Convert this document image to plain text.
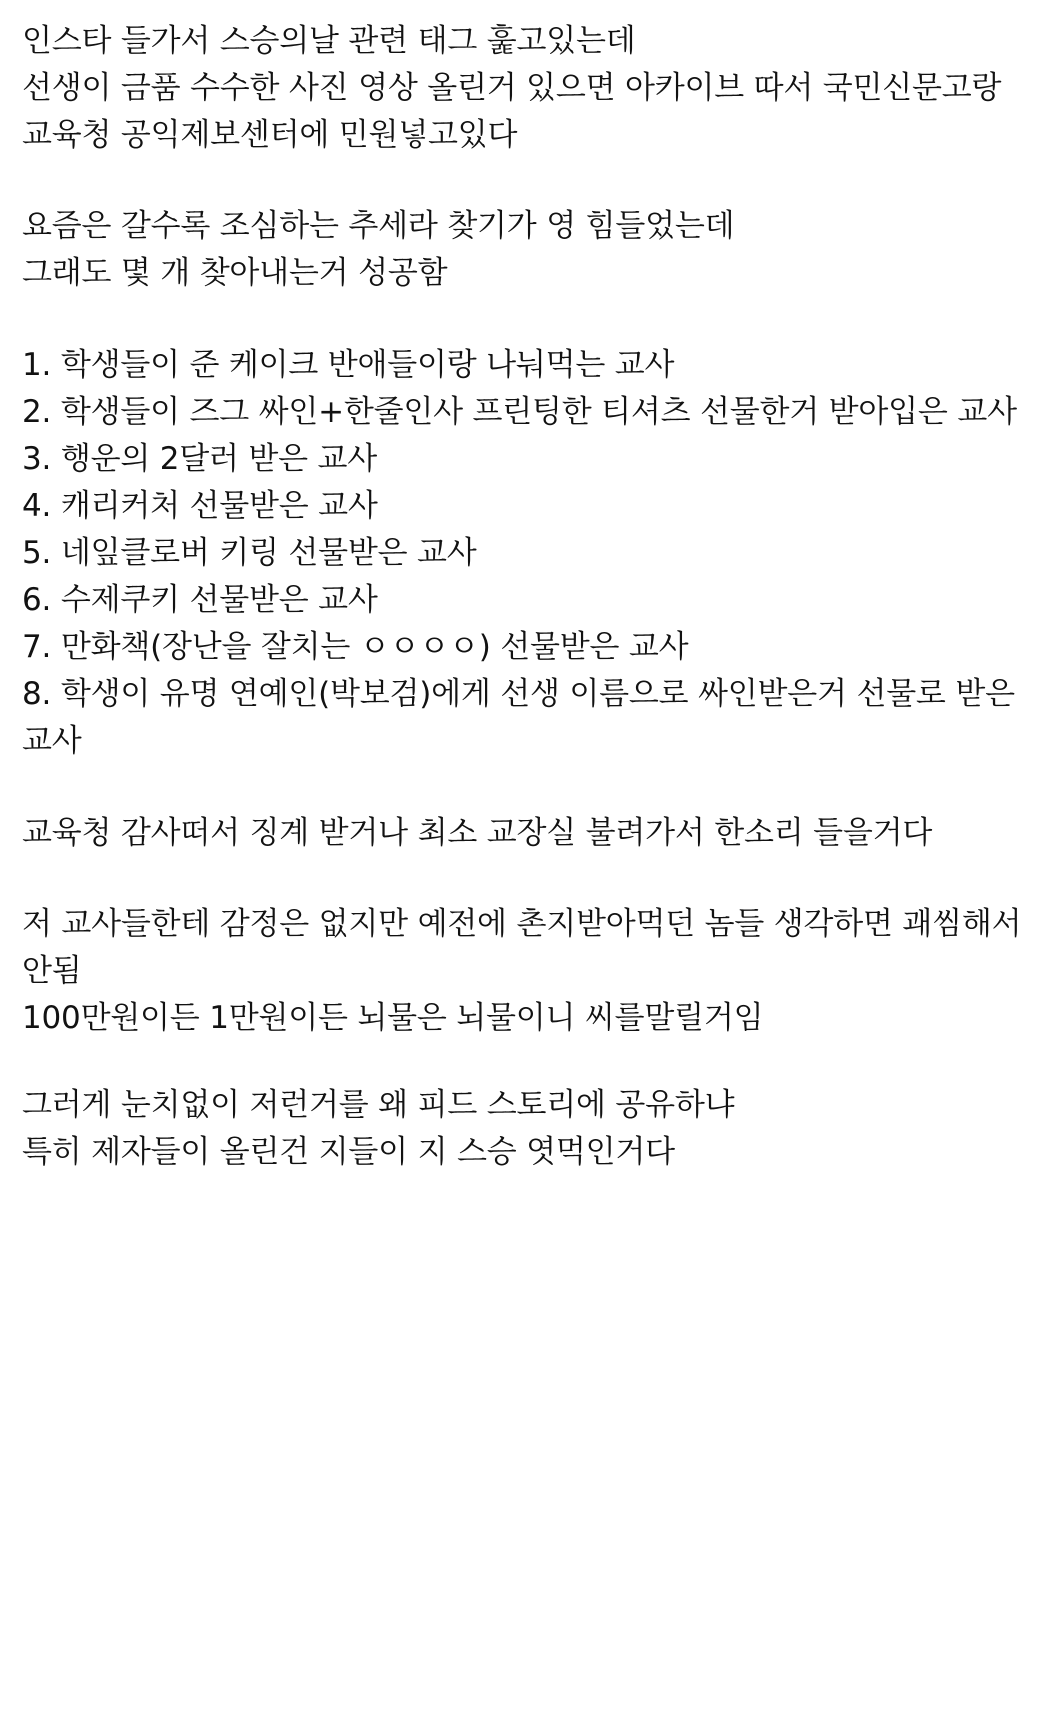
인스타 들가서 스승의날 관련 태그 훑고있는데

선생이 금품 수수한 사진 영상 올린거 있으면 아카이브 따서 국민신문고랑 교육청 공익제보센터에 민원넣고있다

요즘은 갈수록 조심하는 추세라 찾기가 영 힘들었는데

그래도 몇 개 찾아내는거 성공함

1. 학생들이 준 케이크 반애들이랑 나눠먹는 교사

2. 학생들이 즈그 싸인+한줄인사 프린팅한 티셔츠 선물한거 받아입은 교사

3. 행운의 2달러 받은 교사

4. 캐리커처 선물받은 교사

5. 네잎클로버 키링 선물받은 교사

6. 수제쿠키 선물받은 교사

7. 만화책(장난을 잘치는 ㅇㅇㅇㅇ) 선물받은 교사

8. 학생이 유명 연예인(박보검)에게 선생 이름으로 싸인받은거 선물로 받은 교사

교육청 감사떠서 징계 받거나 최소 교장실 불려가서 한소리 들을거다

저 교사들한테 감정은 없지만 예전에 촌지받아먹던 놈들 생각하면 괘씸해서 안됨

100만원이든 1만원이든 뇌물은 뇌물이니 씨를말릴거임

그러게 눈치없이 저런거를 왜 피드 스토리에 공유하냐

특히 제자들이 올린건 지들이 지 스승 엿먹인거다
